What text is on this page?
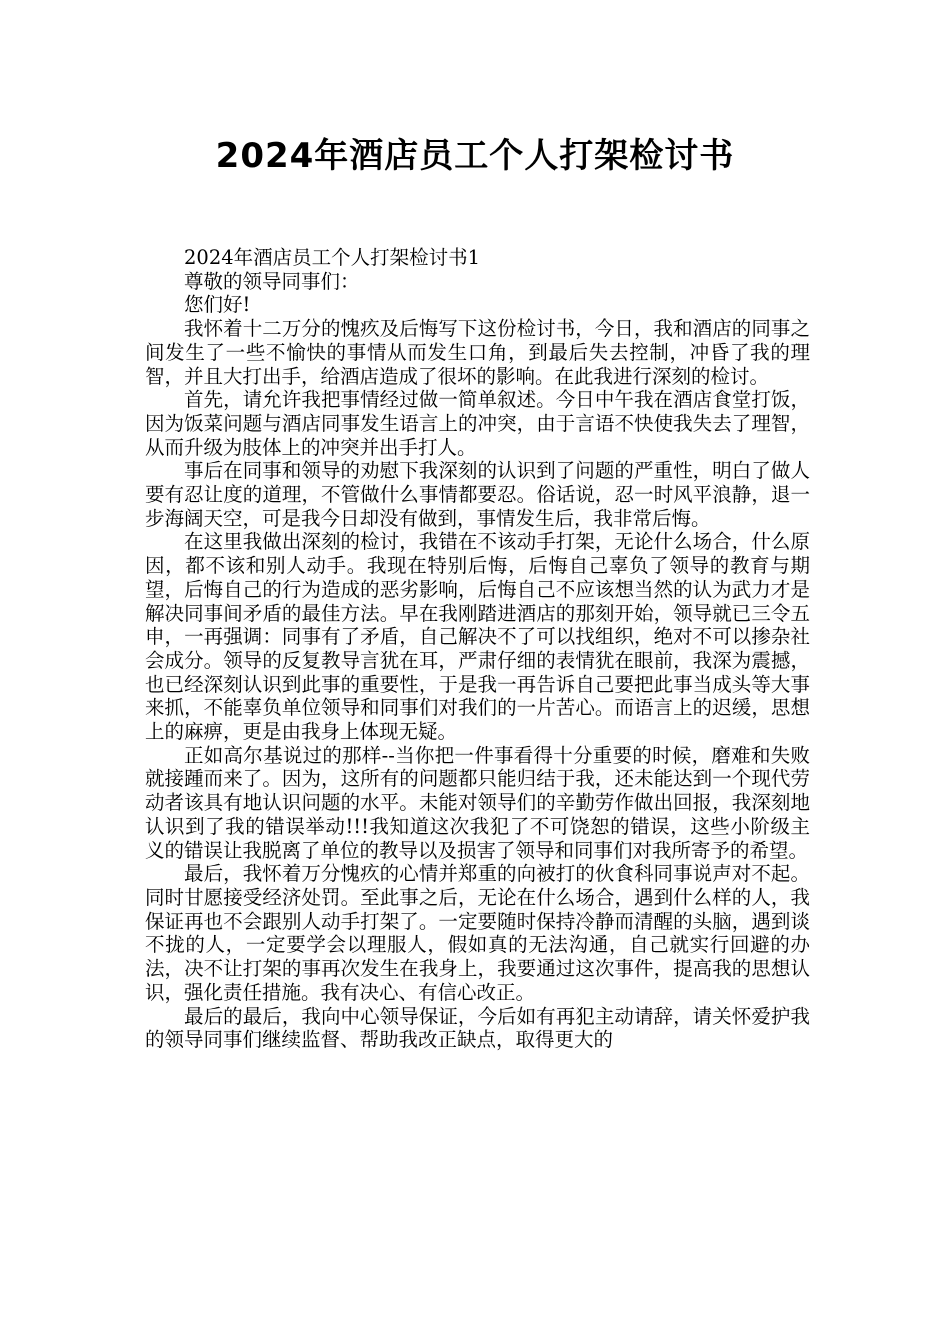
2024年酒店员工个人打架检讨书

2024年酒店员工个人打架检讨书1

尊敬的领导同事们：

您们好!

我怀着十二万分的愧疚及后悔写下这份检讨书，今日，我和酒店的同事之间发生了一些不愉快的事情从而发生口角，到最后失去控制，冲昏了我的理智，并且大打出手，给酒店造成了很坏的影响。在此我进行深刻的检讨。

首先，请允许我把事情经过做一简单叙述。今日中午我在酒店食堂打饭，因为饭菜问题与酒店同事发生语言上的冲突，由于言语不快使我失去了理智，从而升级为肢体上的冲突并出手打人。

事后在同事和领导的劝慰下我深刻的认识到了问题的严重性，明白了做人要有忍让度的道理，不管做什么事情都要忍。俗话说，忍一时风平浪静，退一步海阔天空，可是我今日却没有做到，事情发生后，我非常后悔。

在这里我做出深刻的检讨，我错在不该动手打架，无论什么场合，什么原因，都不该和别人动手。我现在特别后悔，后悔自己辜负了领导的教育与期望，后悔自己的行为造成的恶劣影响，后悔自己不应该想当然的认为武力才是解决同事间矛盾的最佳方法。早在我刚踏进酒店的那刻开始，领导就已三令五申，一再强调：同事有了矛盾，自己解决不了可以找组织，绝对不可以掺杂社会成分。领导的反复教导言犹在耳，严肃仔细的表情犹在眼前，我深为震撼，也已经深刻认识到此事的重要性，于是我一再告诉自己要把此事当成头等大事来抓，不能辜负单位领导和同事们对我们的一片苦心。而语言上的迟缓，思想上的麻痹，更是由我身上体现无疑。

正如高尔基说过的那样--当你把一件事看得十分重要的时候，磨难和失败就接踵而来了。因为，这所有的问题都只能归结于我，还未能达到一个现代劳动者该具有地认识问题的水平。未能对领导们的辛勤劳作做出回报，我深刻地认识到了我的错误举动!!!我知道这次我犯了不可饶恕的错误，这些小阶级主义的错误让我脱离了单位的教导以及损害了领导和同事们对我所寄予的希望。

最后，我怀着万分愧疚的心情并郑重的向被打的伙食科同事说声对不起。同时甘愿接受经济处罚。至此事之后，无论在什么场合，遇到什么样的人，我保证再也不会跟别人动手打架了。一定要随时保持冷静而清醒的头脑，遇到谈不拢的人，一定要学会以理服人，假如真的无法沟通，自己就实行回避的办法，决不让打架的事再次发生在我身上，我要通过这次事件，提高我的思想认识，强化责任措施。我有决心、有信心改正。

最后的最后，我向中心领导保证，今后如有再犯主动请辞，请关怀爱护我的领导同事们继续监督、帮助我改正缺点，取得更大的
